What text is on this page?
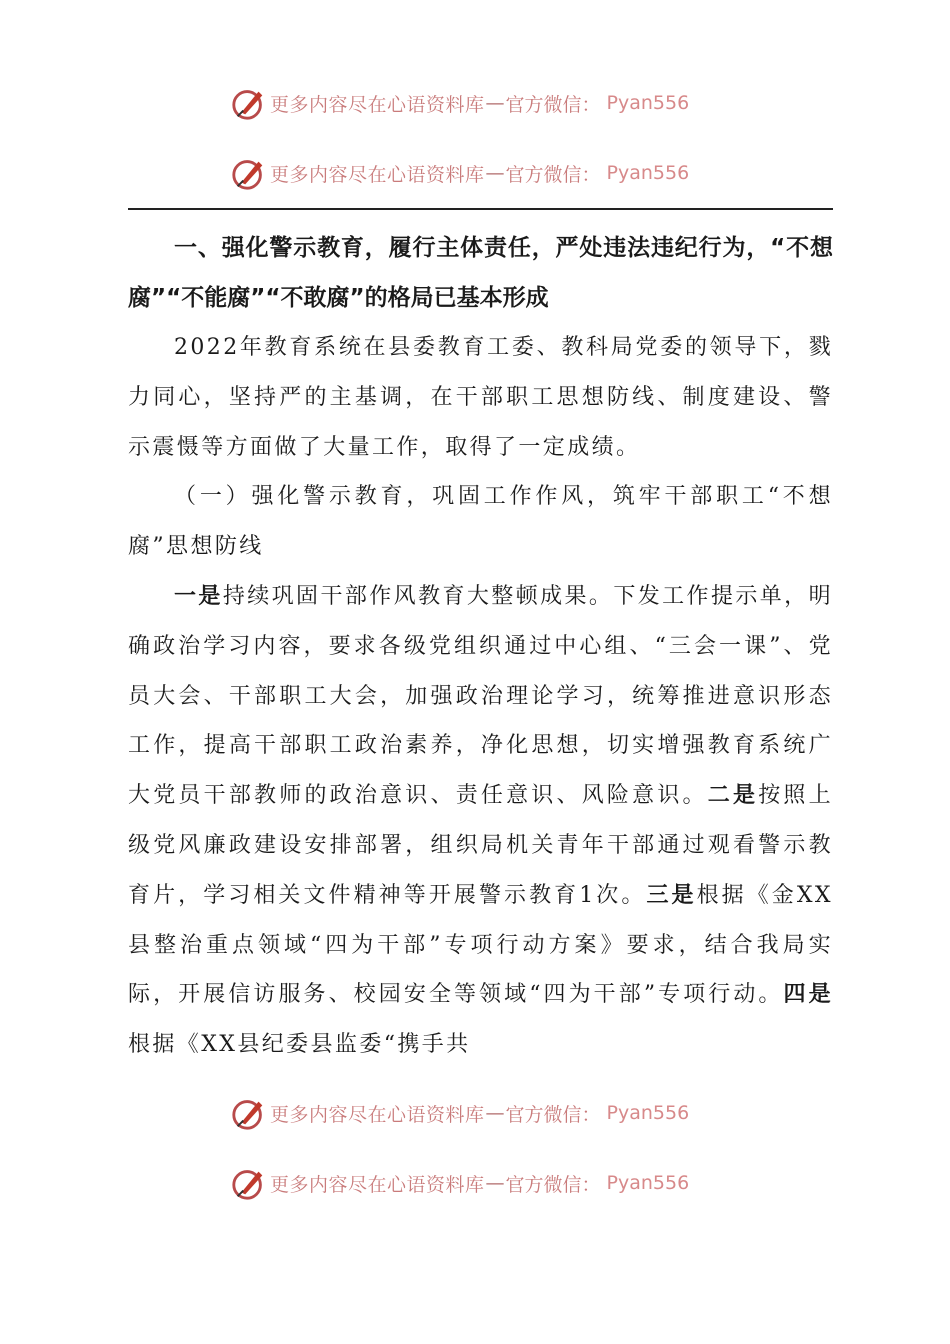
更多内容尽在心语资料库 — 官方微信： Pyan556
更多内容尽在心语资料库 — 官方微信： Pyan556

一、强化警示教育，履行主体责任，严处违法违纪行为，“不想腐”“不能腐”“不敢腐”的格局已基本形成

2022年教育系统在县委教育工委、教科局党委的领导下，戮力同心，坚持严的主基调，在干部职工思想防线、制度建设、警示震慑等方面做了大量工作，取得了一定成绩。

（一）强化警示教育，巩固工作作风，筑牢干部职工“不想腐”思想防线

一是持续巩固干部作风教育大整顿成果。下发工作提示单，明确政治学习内容，要求各级党组织通过中心组、“三会一课”、党员大会、干部职工大会，加强政治理论学习，统筹推进意识形态工作，提高干部职工政治素养，净化思想，切实增强教育系统广大党员干部教师的政治意识、责任意识、风险意识。二是按照上级党风廉政建设安排部署，组织局机关青年干部通过观看警示教育片，学习相关文件精神等开展警示教育1次。三是根据《金XX县整治重点领域“四为干部”专项行动方案》要求，结合我局实际，开展信访服务、校园安全等领域“四为干部”专项行动。四是根据《XX县纪委县监委“携手共

更多内容尽在心语资料库 — 官方微信： Pyan556
更多内容尽在心语资料库 — 官方微信： Pyan556
